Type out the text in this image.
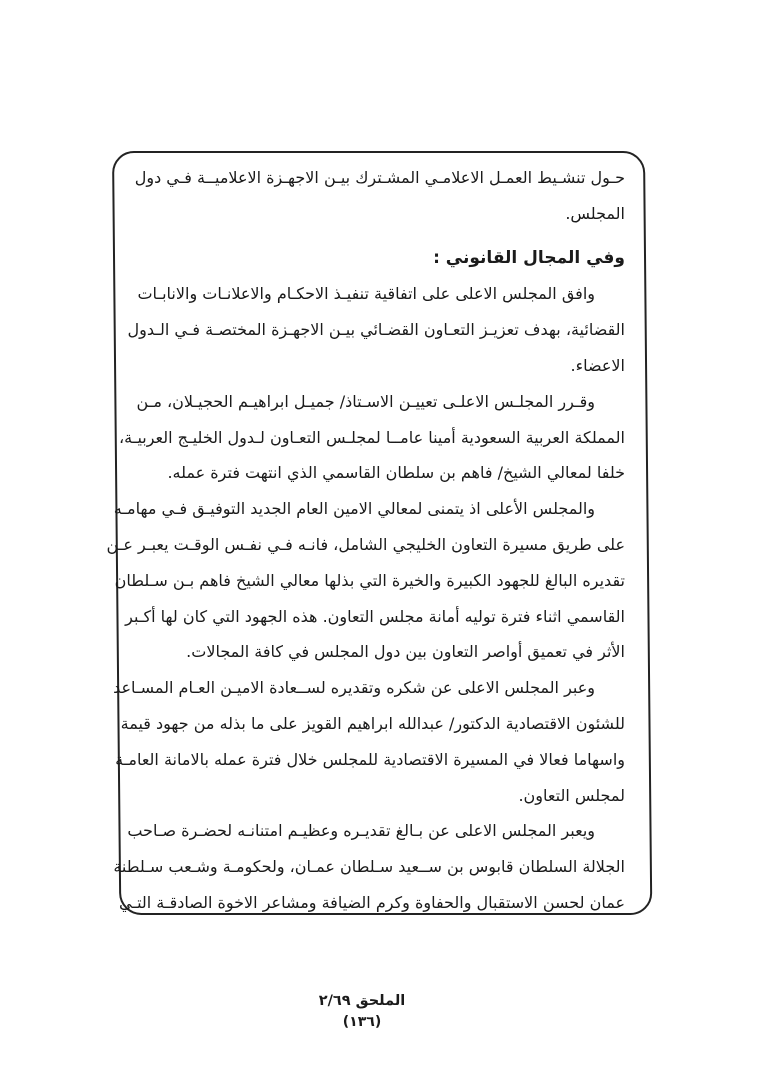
حـول تنشـيط العمـل الاعلامـي المشـترك بيـن الاجهـزة الاعلاميــة فـي دول
المجلس.
وفي المجال القانوني :
وافق المجلس الاعلى على اتفاقية تنفيـذ الاحكـام والاعلانـات والانابـات
القضائية، بهدف تعزيـز التعـاون القضـائي بيـن الاجهـزة المختصـة فـي الـدول
الاعضاء.
وقـرر المجلـس الاعلـى تعييـن الاسـتاذ/ جميـل ابراهيـم الحجيـلان، مـن
المملكة العربية السعودية أمينا عامــا لمجلـس التعـاون لـدول الخليـج العربيـة،
خلفا لمعالي الشيخ/ فاهم بن سلطان القاسمي الذي انتهت فترة عمله.
والمجلس الأعلى اذ يتمنى لمعالي الامين العام الجديد التوفيـق فـي مهامـه
على طريق مسيرة التعاون الخليجي الشامل، فانـه فـي نفـس الوقـت يعبـر عـن
تقديره البالغ للجهود الكبيرة والخيرة التي بذلها معالي الشيخ فاهم بـن سـلطان
القاسمي اثناء فترة توليه أمانة مجلس التعاون. هذه الجهود التي كان لها أكـبر
الأثر في تعميق أواصر التعاون بين دول المجلس في كافة المجالات.
وعبر المجلس الاعلى عن شكره وتقديره لســعادة الاميـن العـام المسـاعد
للشئون الاقتصادية الدكتور/ عبدالله ابراهيم القويز على ما بذله من جهود قيمة
واسهاما فعالا في المسيرة الاقتصادية للمجلس خلال فترة عمله بالامانة العامـة
لمجلس التعاون.
ويعبر المجلس الاعلى عن بـالغ تقديـره وعظيـم امتنانـه لحضـرة صـاحب
الجلالة السلطان قابوس بن ســعيد سـلطان عمـان، ولحكومـة وشـعب سـلطنة
عمان لحسن الاستقبال والحفاوة وكرم الضيافة ومشاعر الاخوة الصادقـة التـي
الملحق ٢/٦٩
(١٣٦)
